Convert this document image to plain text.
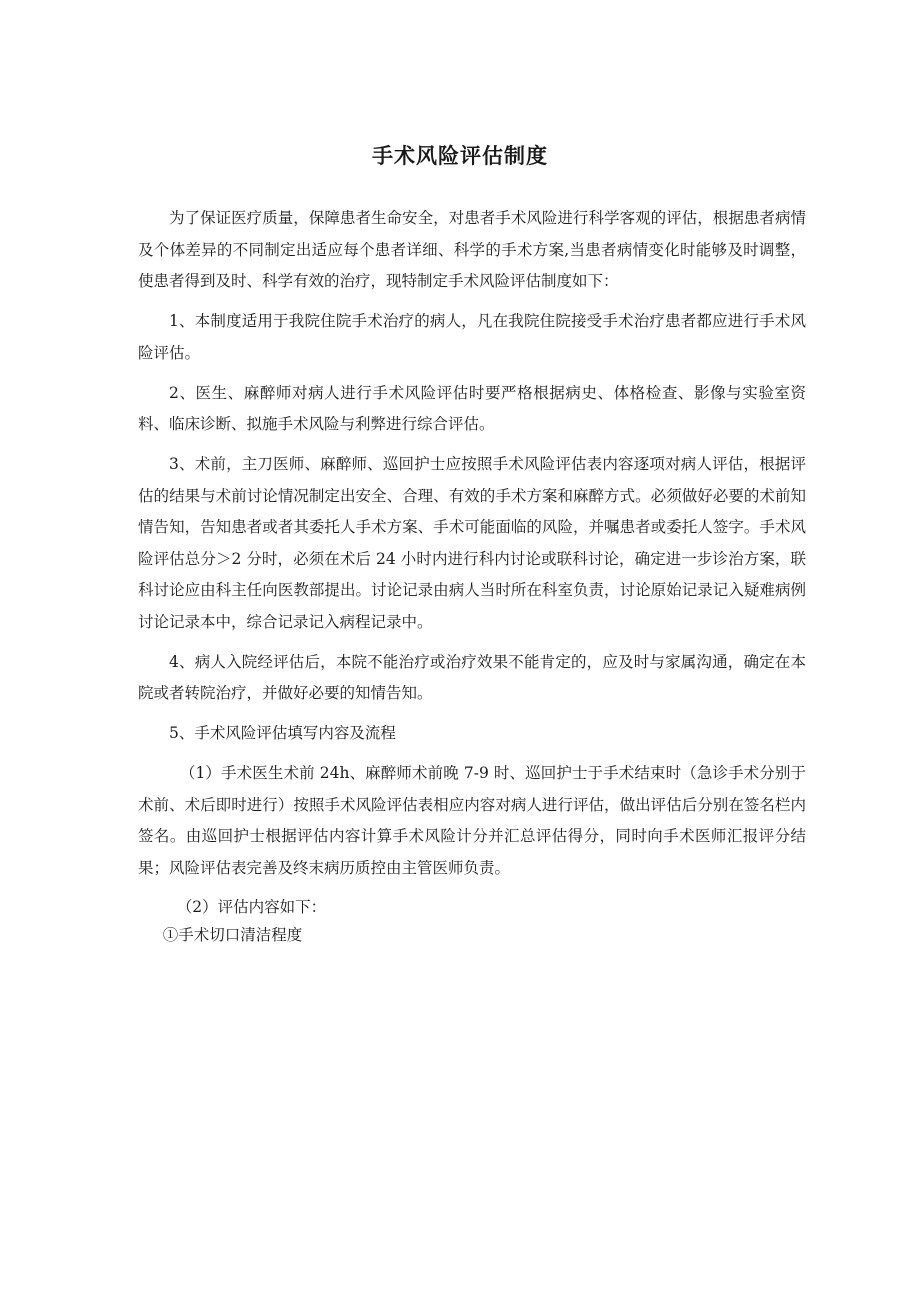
手术风险评估制度

为了保证医疗质量，保障患者生命安全，对患者手术风险进行科学客观的评估，根据患者病情及个体差异的不同制定出适应每个患者详细、科学的手术方案,当患者病情变化时能够及时调整，使患者得到及时、科学有效的治疗，现特制定手术风险评估制度如下：

1、本制度适用于我院住院手术治疗的病人，凡在我院住院接受手术治疗患者都应进行手术风险评估。

2、医生、麻醉师对病人进行手术风险评估时要严格根据病史、体格检查、影像与实验室资料、临床诊断、拟施手术风险与利弊进行综合评估。

3、术前，主刀医师、麻醉师、巡回护士应按照手术风险评估表内容逐项对病人评估，根据评估的结果与术前讨论情况制定出安全、合理、有效的手术方案和麻醉方式。必须做好必要的术前知情告知，告知患者或者其委托人手术方案、手术可能面临的风险，并嘱患者或委托人签字。手术风险评估总分＞2 分时，必须在术后 24 小时内进行科内讨论或联科讨论，确定进一步诊治方案，联科讨论应由科主任向医教部提出。讨论记录由病人当时所在科室负责，讨论原始记录记入疑难病例讨论记录本中，综合记录记入病程记录中。

4、病人入院经评估后，本院不能治疗或治疗效果不能肯定的，应及时与家属沟通，确定在本院或者转院治疗，并做好必要的知情告知。

5、手术风险评估填写内容及流程

（1）手术医生术前 24h、麻醉师术前晚 7-9 时、巡回护士于手术结束时（急诊手术分别于术前、术后即时进行）按照手术风险评估表相应内容对病人进行评估，做出评估后分别在签名栏内签名。由巡回护士根据评估内容计算手术风险计分并汇总评估得分，同时向手术医师汇报评分结果；风险评估表完善及终末病历质控由主管医师负责。

（2）评估内容如下：

①手术切口清洁程度
